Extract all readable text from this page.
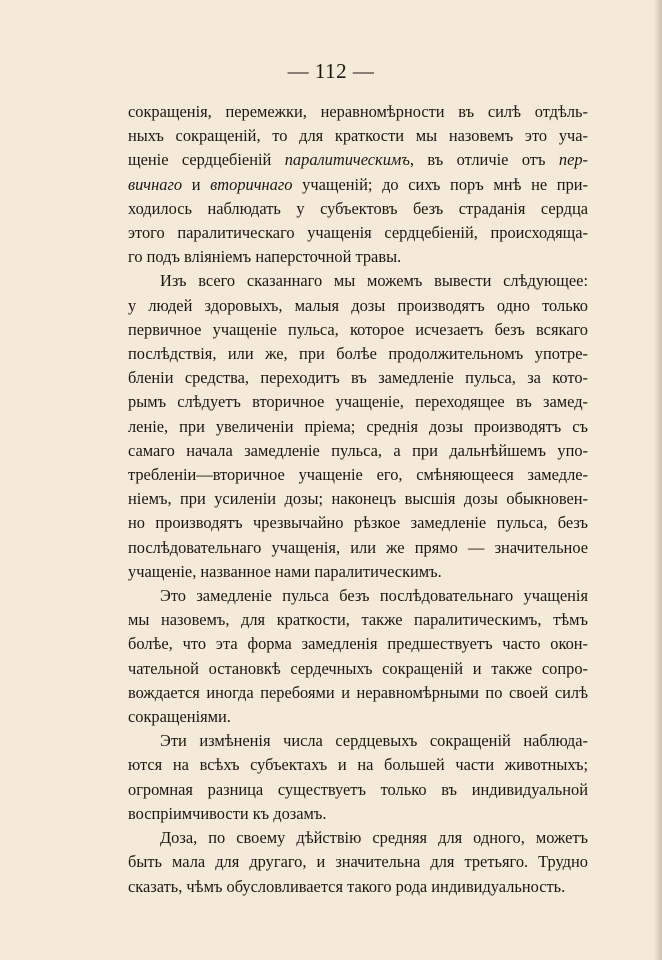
— 112 —
сокращенія, перемежки, неравномѣрности въ силѣ отдѣль-
ныхъ сокращеній, то для краткости мы назовемъ это уча-
щеніе сердцебіеній паралитическимъ, въ отличіе отъ пер-
вичнаго и вторичнаго учащеній; до сихъ поръ мнѣ не при-
ходилось наблюдать у субъектовъ безъ страданія сердца
этого паралитическаго учащенія сердцебіеній, происходяща-
го подъ вліяніемъ наперсточной травы.
Изъ всего сказаннаго мы можемъ вывести слѣдующее:
у людей здоровыхъ, малыя дозы производятъ одно только
первичное учащеніе пульса, которое исчезаетъ безъ всякаго
послѣдствія, или же, при болѣе продолжительномъ употре-
бленіи средства, переходитъ въ замедленіе пульса, за кото-
рымъ слѣдуетъ вторичное учащеніе, переходящее въ замед-
леніе, при увеличеніи пріема; среднія дозы производятъ съ
самаго начала замедленіе пульса, а при дальнѣйшемъ упо-
требленіи—вторичное учащеніе его, смѣняющееся замедле-
ніемъ, при усиленіи дозы; наконецъ высшія дозы обыкновен-
но производятъ чрезвычайно рѣзкое замедленіе пульса, безъ
послѣдовательнаго учащенія, или же прямо — значительное
учащеніе, названное нами паралитическимъ.
Это замедленіе пульса безъ послѣдовательнаго учащенія
мы назовемъ, для краткости, также паралитическимъ, тѣмъ
болѣе, что эта форма замедленія предшествуетъ часто окон-
чательной остановкѣ сердечныхъ сокращеній и также сопро-
вождается иногда перебоями и неравномѣрными по своей силѣ
сокращеніями.
Эти измѣненія числа сердцевыхъ сокращеній наблюда-
ются на всѣхъ субъектахъ и на большей части животныхъ;
огромная разница существуетъ только въ индивидуальной
воспріимчивости къ дозамъ.
Доза, по своему дѣйствію средняя для одного, можетъ
быть мала для другаго, и значительна для третьяго. Трудно
сказать, чѣмъ обусловливается такого рода индивидуальность.
